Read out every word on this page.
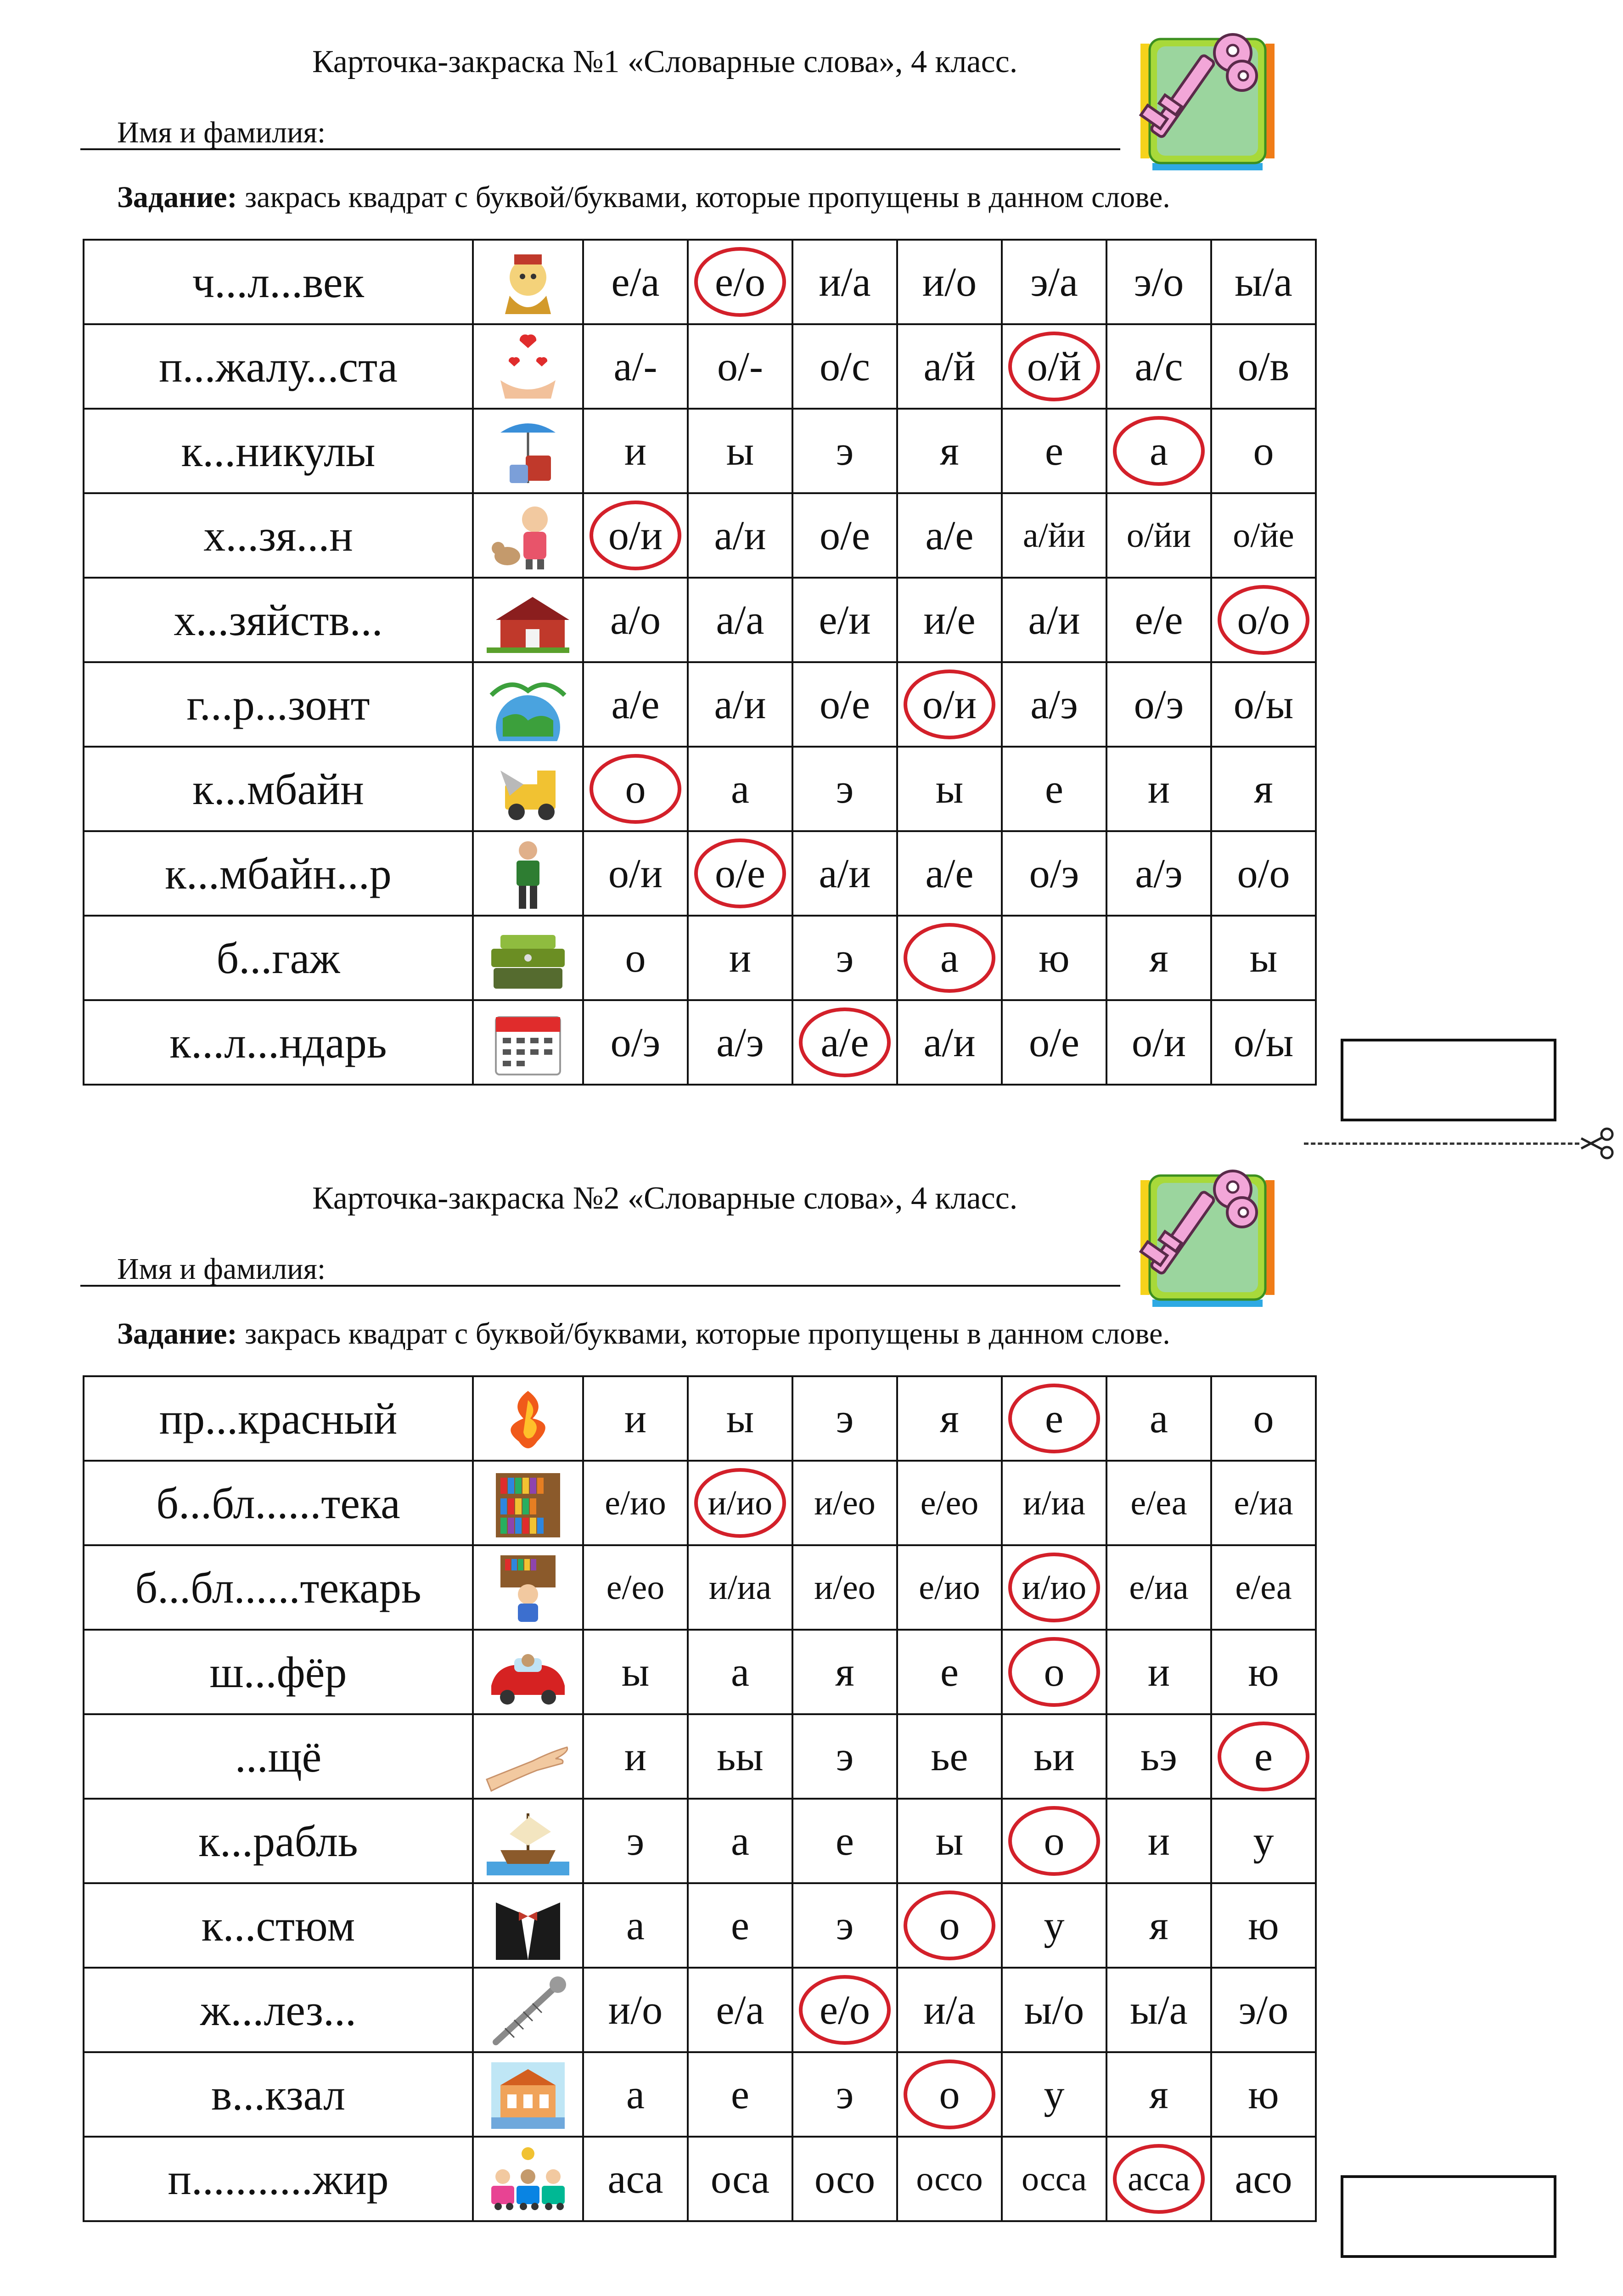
Карточка-закраска №1 «Словарные слова», 4 класс.
Имя и фамилия:
Задание: закрась квадрат с буквой/буквами, которые пропущены в данном слове.
ч...л...век		е/а	е/о	и/а	и/о	э/а	э/о	ы/а
п...жалу...ста		а/-	о/-	о/с	а/й	о/й	а/с	о/в
к...никулы		и	ы	э	я	е	а	о
х...зя...н		о/и	а/и	о/е	а/е	а/йи	о/йи	о/йе
х...зяйств...		а/о	а/а	е/и	и/е	а/и	е/е	о/о

г...р...зонт		а/е	а/и	о/е	о/и	а/э	о/э	о/ы
к...мбайн		о	а	э	ы	е	и	я
к...мбайн...р		о/и	о/е	а/и	а/е	о/э	а/э	о/о
б...гаж		о	и	э	а	ю	я	ы
к...л...ндарь		о/э	а/э	а/е	а/и	о/е	о/и	о/ы
Карточка-закраска №2 «Словарные слова», 4 класс.
Имя и фамилия:
Задание: закрась квадрат с буквой/буквами, которые пропущены в данном слове.
пр...красный		и	ы	э	я	е	а	о
б...бл......тека		е/ио	и/ио	и/ео	е/ео	и/иа	е/еа	е/иа
б...бл......текарь		е/ео	и/иа	и/ео	е/ио	и/ио	е/иа	е/еа
ш...фёр		ы	а	я	е	о	и	ю
...щё		и	ьы	э	ье	ьи	ьэ	е

к...рабль		э	а	е	ы	о	и	у
к...стюм		а	е	э	о	у	я	ю
ж...лез...		и/о	е/а	е/о	и/а	ы/о	ы/а	э/о
в...кзал		а	е	э	о	у	я	ю
п...........жир		аса	оса	осо	оссо	осса	асса	асо
